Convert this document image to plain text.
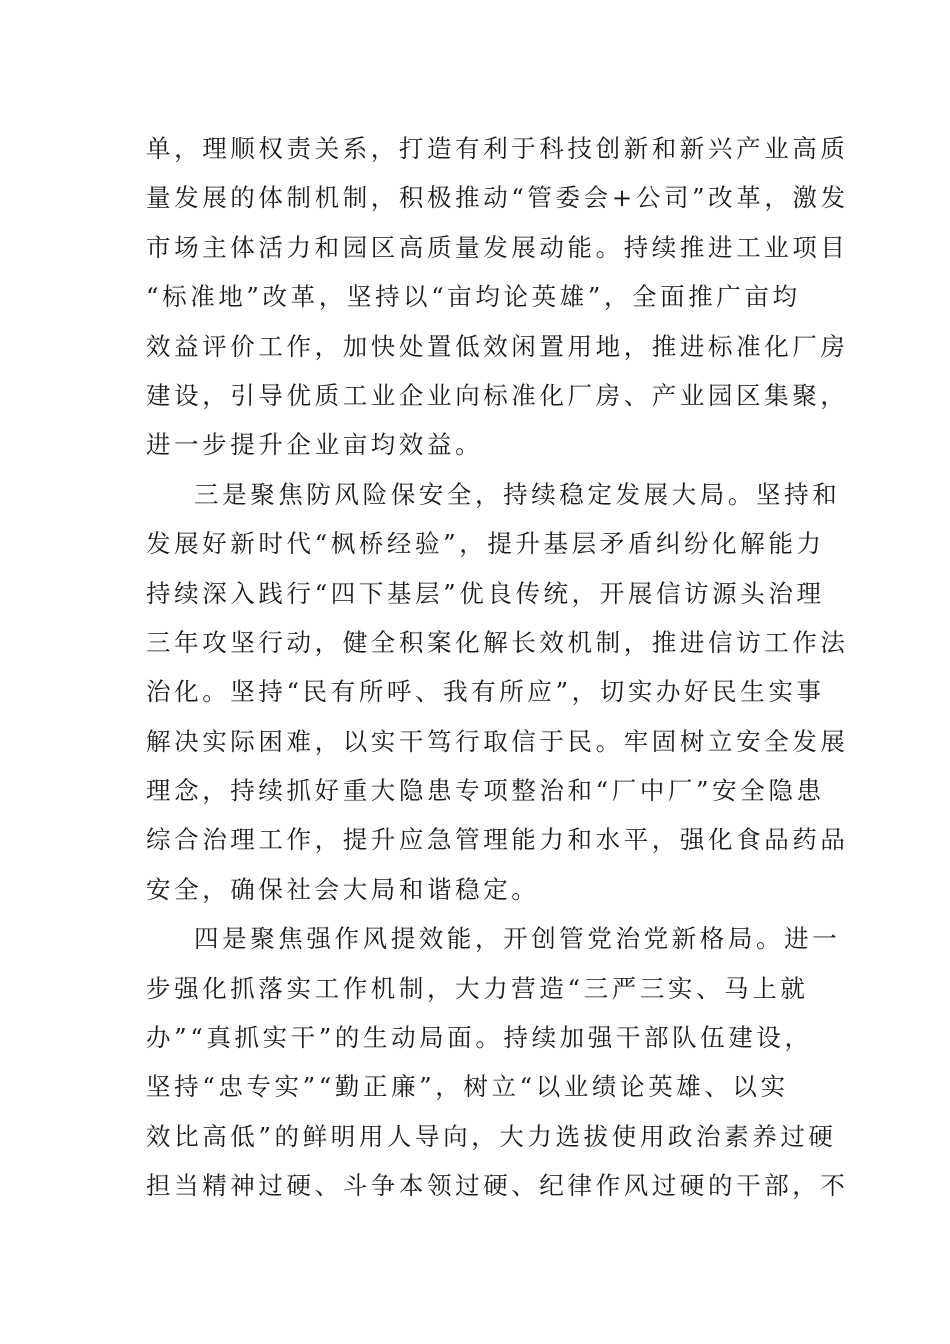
单，理顺权责关系，打造有利于科技创新和新兴产业高质
量发展的体制机制，积极推动“管委会+公司”改革，激发
市场主体活力和园区高质量发展动能。持续推进工业项目
“标准地”改革，坚持以“亩均论英雄”，全面推广亩均
效益评价工作，加快处置低效闲置用地，推进标准化厂房
建设，引导优质工业企业向标准化厂房、产业园区集聚，
进一步提升企业亩均效益。
三是聚焦防风险保安全，持续稳定发展大局。坚持和
发展好新时代“枫桥经验”，提升基层矛盾纠纷化解能力
持续深入践行“四下基层”优良传统，开展信访源头治理
三年攻坚行动，健全积案化解长效机制，推进信访工作法
治化。坚持“民有所呼、我有所应”，切实办好民生实事
解决实际困难，以实干笃行取信于民。牢固树立安全发展
理念，持续抓好重大隐患专项整治和“厂中厂”安全隐患
综合治理工作，提升应急管理能力和水平，强化食品药品
安全，确保社会大局和谐稳定。
四是聚焦强作风提效能，开创管党治党新格局。进一
步强化抓落实工作机制，大力营造“三严三实、马上就
办”“真抓实干”的生动局面。持续加强干部队伍建设，
坚持“忠专实”“勤正廉”，树立“以业绩论英雄、以实
效比高低”的鲜明用人导向，大力选拔使用政治素养过硬
担当精神过硬、斗争本领过硬、纪律作风过硬的干部，不
